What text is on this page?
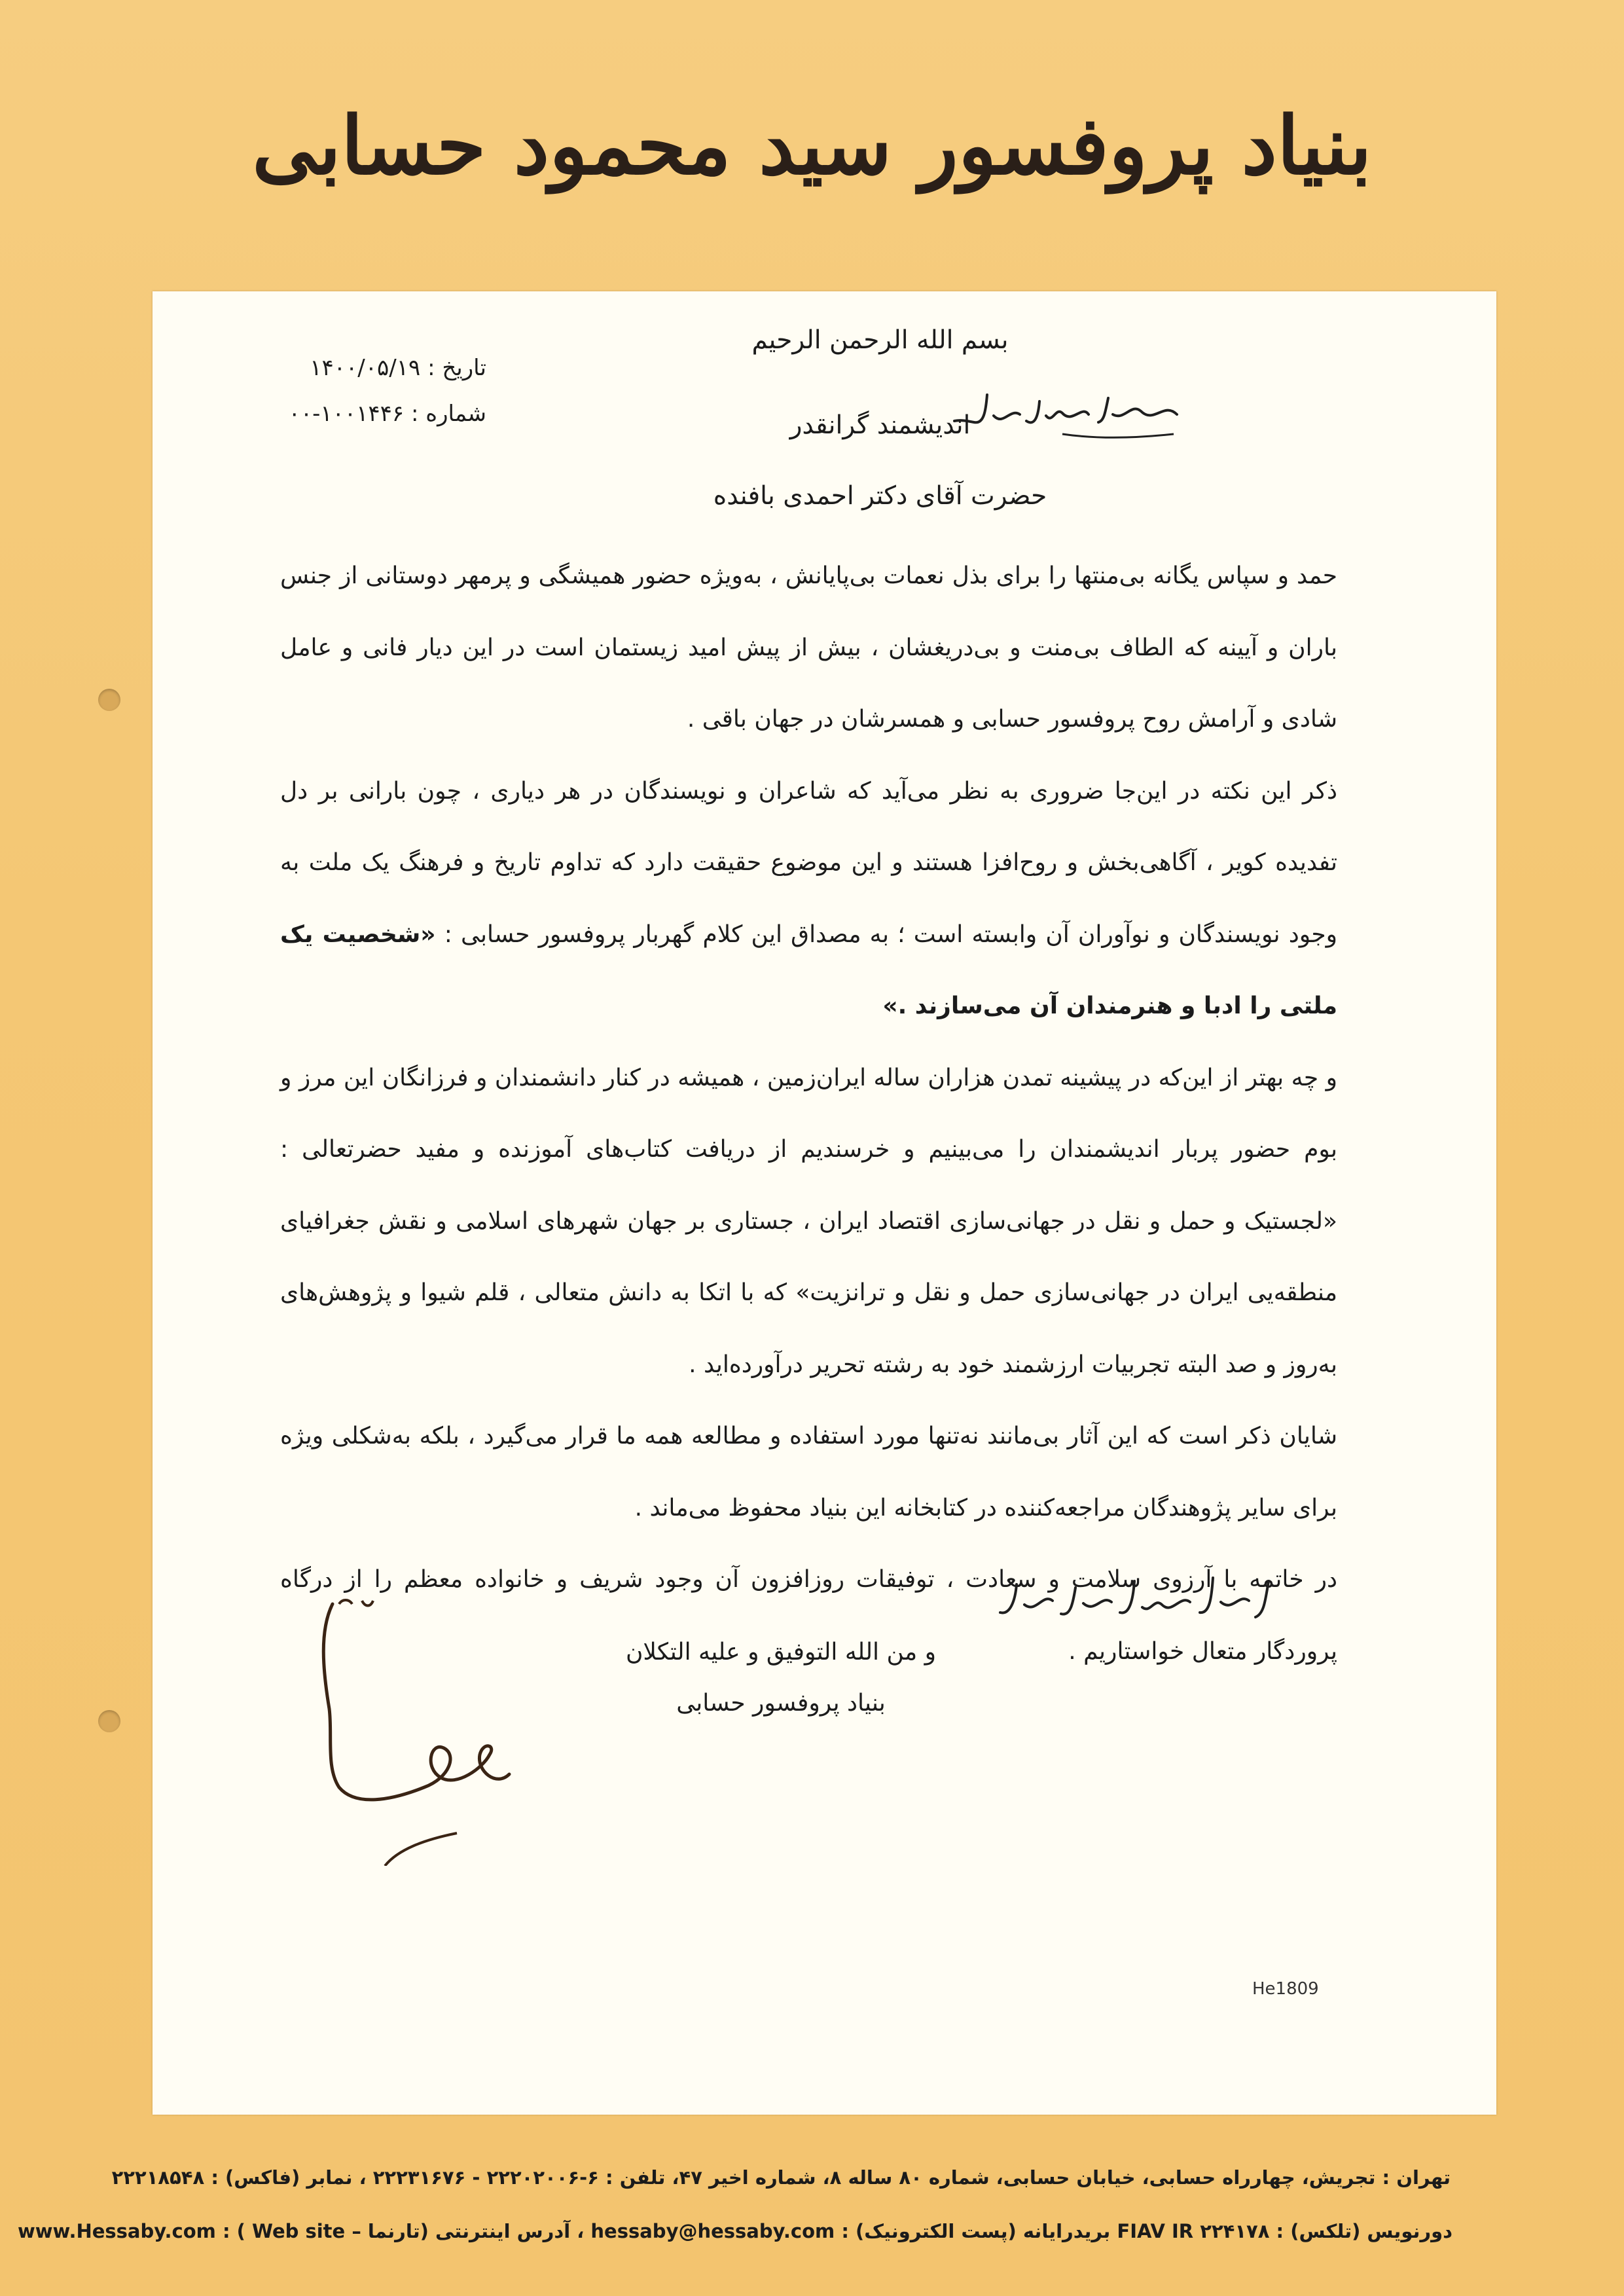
بنیاد پروفسور سید محمود حسابی
تاریخ : ۱۴۰۰/۰۵/۱۹
شماره : ۰۰-۱۰۰۱۴۴۶
بسم الله الرحمن الرحیم
اندیشمند گرانقدر
حضرت آقای دکتر احمدی بافنده

حمد و سپاس یگانه بی‌منتها را برای بذل نعمات بی‌پایانش ، به‌ویژه حضور همیشگی و پرمهر دوستانی از جنس باران و آیینه که الطاف بی‌منت و بی‌دریغشان ، بیش از پیش امید زیستمان است در این دیار فانی و عامل شادی و آرامش روح پروفسور حسابی و همسرشان در جهان باقی .

ذکر این نکته در این‌جا ضروری به نظر می‌آید که شاعران و نویسندگان در هر دیاری ، چون بارانی بر دل تفدیده کویر ، آگاهی‌بخش و روح‌افزا هستند و این موضوع حقیقت دارد که تداوم تاریخ و فرهنگ یک ملت به وجود نویسندگان و نوآوران آن وابسته است ؛ به مصداق این کلام گهربار پروفسور حسابی : «شخصیت یک ملتی را ادبا و هنرمندان آن می‌سازند .»

و چه بهتر از این‌که در پیشینه تمدن هزاران ساله ایران‌زمین ، همیشه در کنار دانشمندان و فرزانگان این مرز و بوم حضور پربار اندیشمندان را می‌بینیم و خرسندیم از دریافت کتاب‌های آموزنده و مفید حضرتعالی : «لجستیک و حمل و نقل در جهانی‌سازی اقتصاد ایران ، جستاری بر جهان شهرهای اسلامی و نقش جغرافیای منطقه‌یی ایران در جهانی‌سازی حمل و نقل و ترانزیت» که با اتکا به دانش متعالی ، قلم شیوا و پژوهش‌های به‌روز و صد البته تجربیات ارزشمند خود به رشته تحریر درآورده‌اید .

شایان ذکر است که این آثار بی‌مانند نه‌تنها مورد استفاده و مطالعه همه ما قرار می‌گیرد ، بلکه به‌شکلی ویژه برای سایر پژوهندگان مراجعه‌کننده در کتابخانه این بنیاد محفوظ می‌ماند .

در خاتمه با آرزوی سلامت و سعادت ، توفیقات روزافزون آن وجود شریف و خانواده معظم را از درگاه پروردگار متعال خواستاریم .

و من الله التوفیق و علیه التکلان
بنیاد پروفسور حسابی
He1809
تهران : تجریش، چهارراه حسابی، خیابان حسابی، شماره ۸۰ ساله ۸، شماره اخیر ۴۷، تلفن : ۶-۲۲۲۰۲۰۰۶ - ۲۲۲۳۱۶۷۶ ، نمابر (فاکس) : ۲۲۲۱۸۵۴۸
دورنویس (تلکس) : FIAV IR ۲۲۴۱۷۸ بریدرایانه (پست الکترونیک) : hessaby@hessaby.com ، آدرس اینترنتی (تارنما – Web site ) : www.Hessaby.com
